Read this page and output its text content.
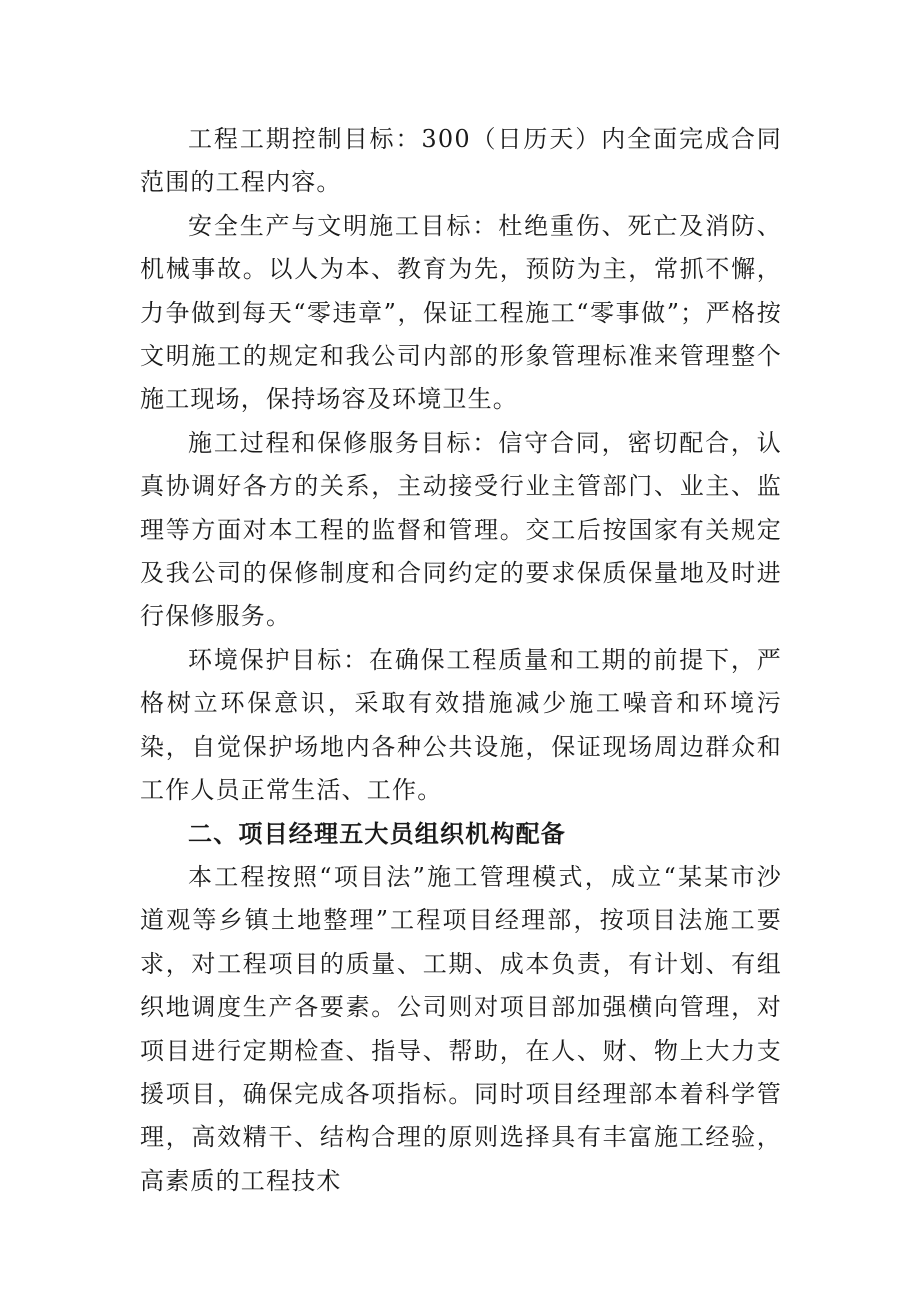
工程工期控制目标：300（日历天）内全面完成合同范围的工程内容。

安全生产与文明施工目标：杜绝重伤、死亡及消防、机械事故。以人为本、教育为先，预防为主，常抓不懈，力争做到每天“零违章”，保证工程施工“零事做”；严格按文明施工的规定和我公司内部的形象管理标准来管理整个施工现场，保持场容及环境卫生。

施工过程和保修服务目标：信守合同，密切配合，认真协调好各方的关系，主动接受行业主管部门、业主、监理等方面对本工程的监督和管理。交工后按国家有关规定及我公司的保修制度和合同约定的要求保质保量地及时进行保修服务。

环境保护目标：在确保工程质量和工期的前提下，严格树立环保意识，采取有效措施减少施工噪音和环境污染，自觉保护场地内各种公共设施，保证现场周边群众和工作人员正常生活、工作。

二、项目经理五大员组织机构配备

本工程按照“项目法”施工管理模式，成立“某某市沙道观等乡镇土地整理”工程项目经理部，按项目法施工要求，对工程项目的质量、工期、成本负责，有计划、有组织地调度生产各要素。公司则对项目部加强横向管理，对项目进行定期检查、指导、帮助，在人、财、物上大力支援项目，确保完成各项指标。同时项目经理部本着科学管理，高效精干、结构合理的原则选择具有丰富施工经验，高素质的工程技术
